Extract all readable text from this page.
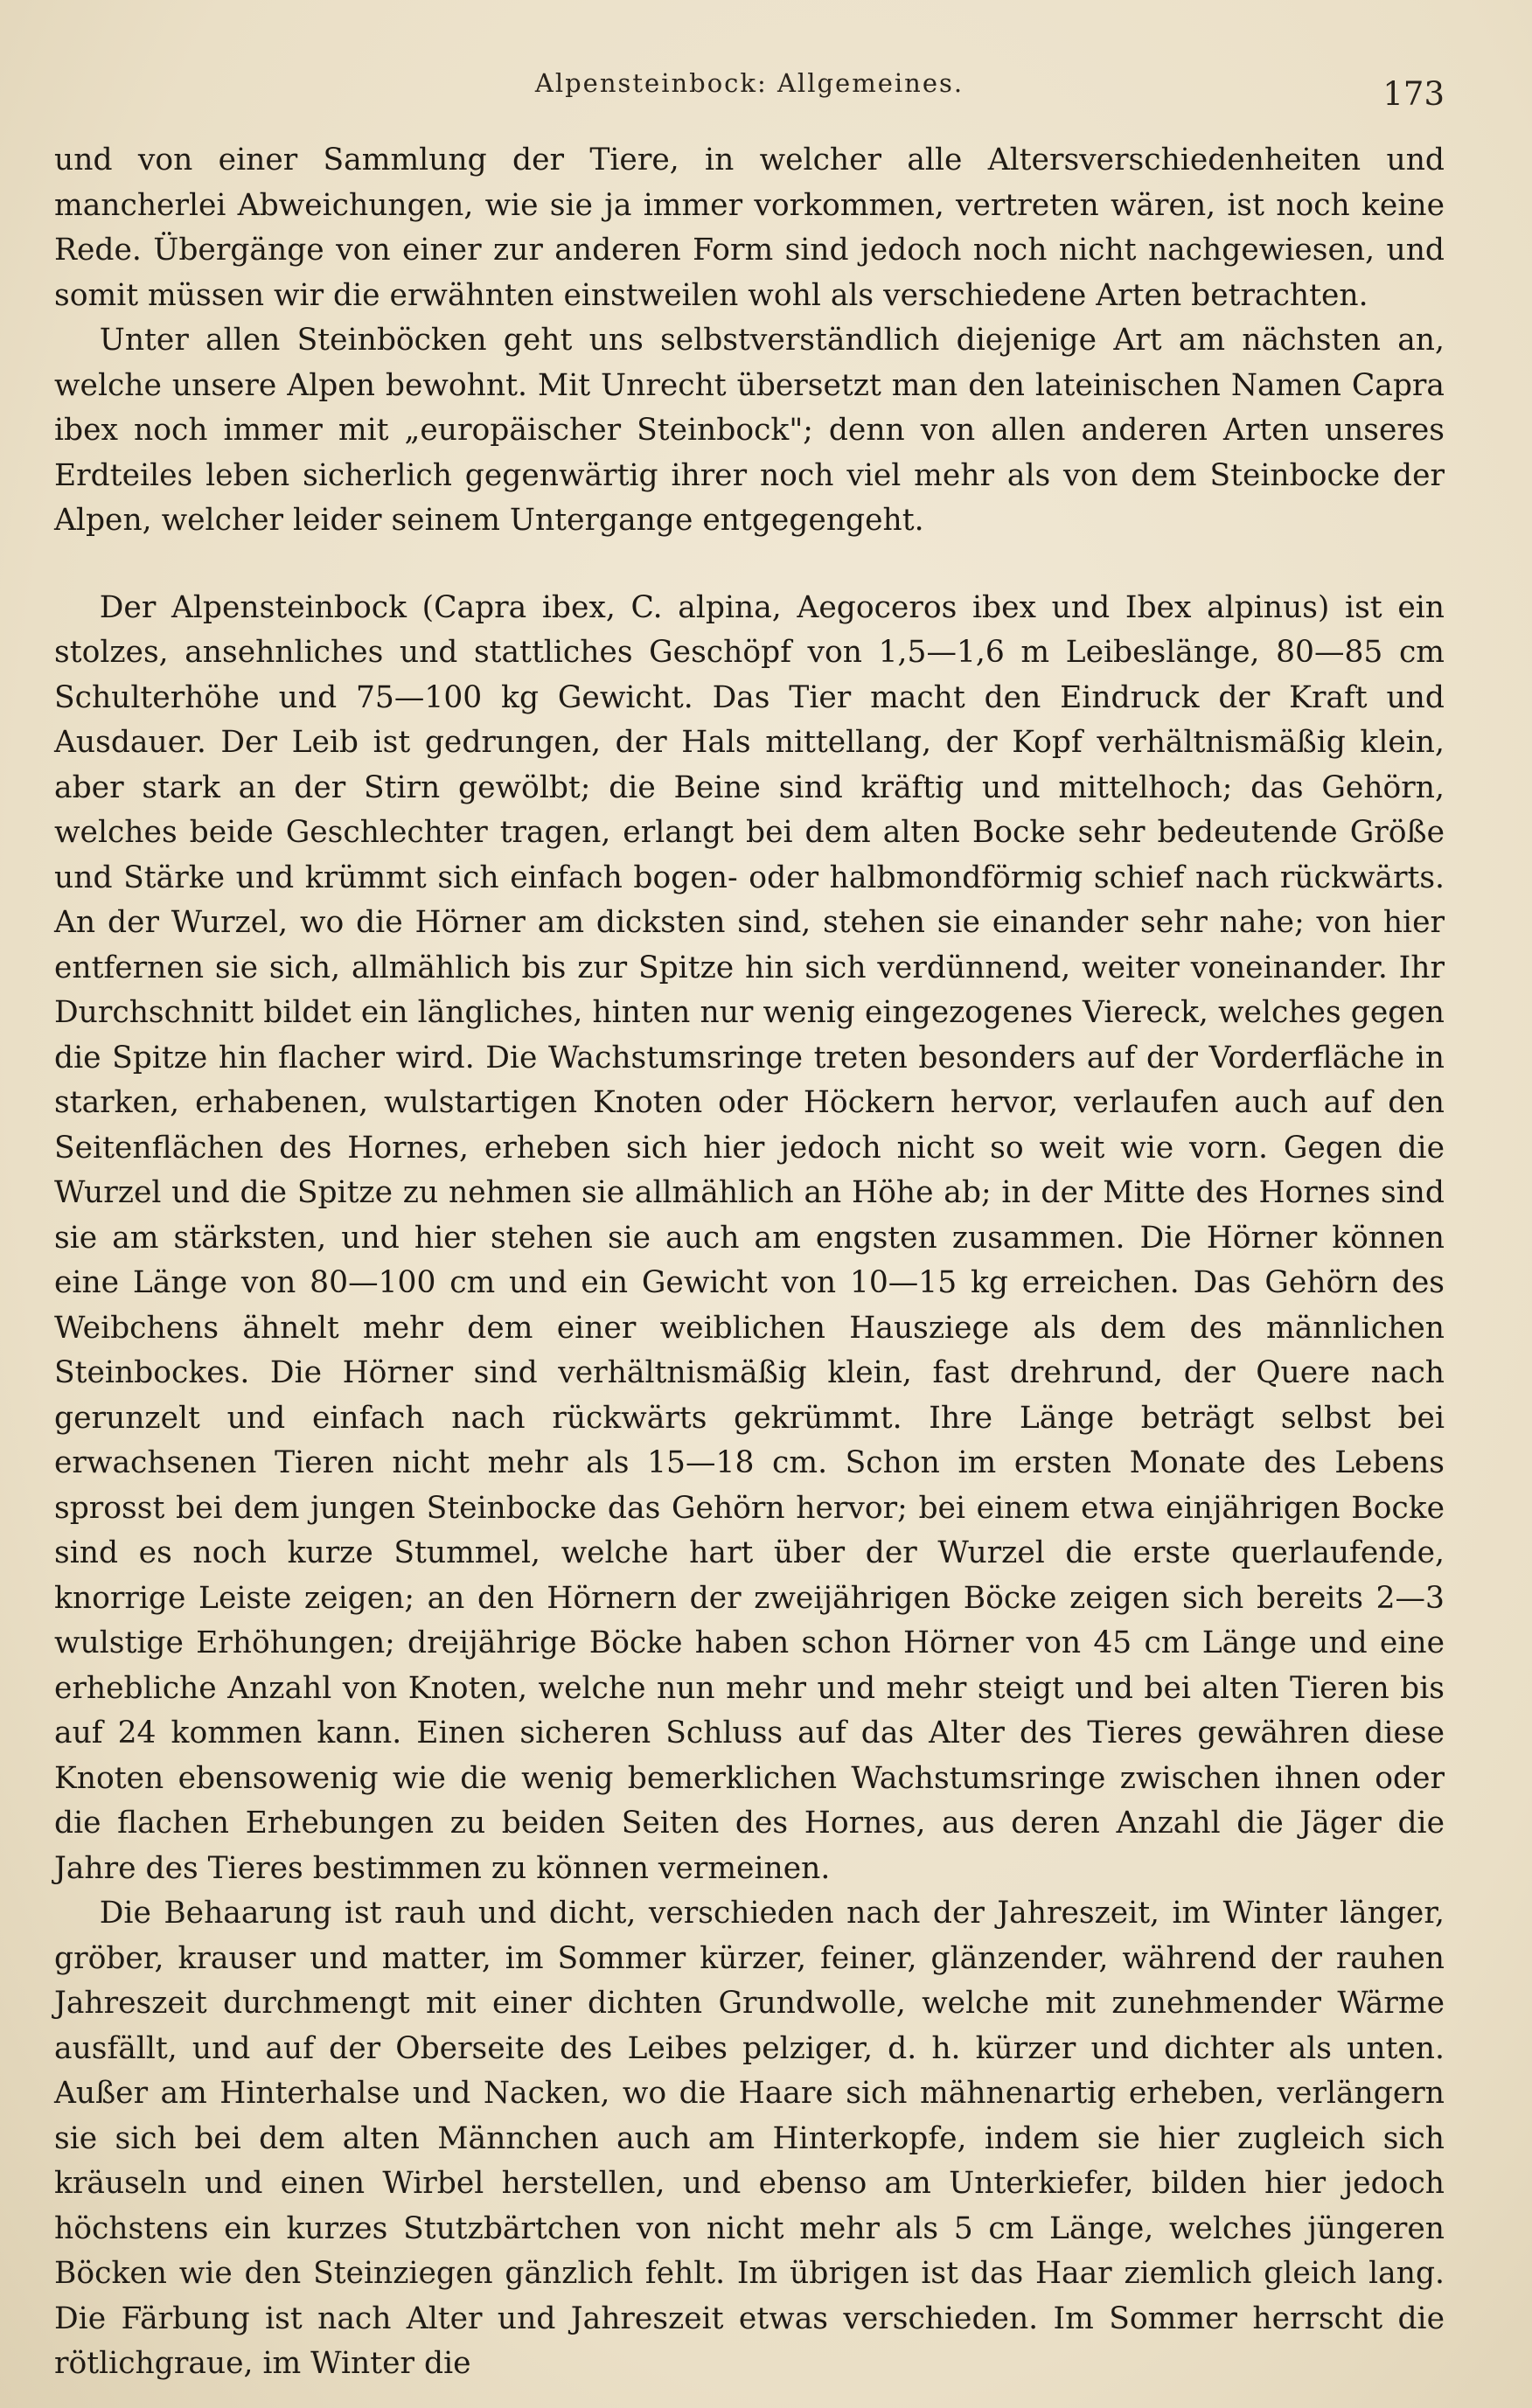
Alpensteinbock: Allgemeines.	173

und von einer Sammlung der Tiere, in welcher alle Altersverschiedenheiten und mancherlei Abweichungen, wie sie ja immer vorkommen, vertreten wären, ist noch keine Rede. Übergänge von einer zur anderen Form sind jedoch noch nicht nachgewiesen, und somit müssen wir die erwähnten einstweilen wohl als verschiedene Arten betrachten.

Unter allen Steinböcken geht uns selbstverständlich diejenige Art am nächsten an, welche unsere Alpen bewohnt. Mit Unrecht übersetzt man den lateinischen Namen Capra ibex noch immer mit „europäischer Steinbock"; denn von allen anderen Arten unseres Erdteiles leben sicherlich gegenwärtig ihrer noch viel mehr als von dem Steinbocke der Alpen, welcher leider seinem Untergange entgegengeht.

Der Alpensteinbock (Capra ibex, C. alpina, Aegoceros ibex und Ibex alpinus) ist ein stolzes, ansehnliches und stattliches Geschöpf von 1,5—1,6 m Leibeslänge, 80—85 cm Schulterhöhe und 75—100 kg Gewicht. Das Tier macht den Eindruck der Kraft und Ausdauer. Der Leib ist gedrungen, der Hals mittellang, der Kopf verhältnismäßig klein, aber stark an der Stirn gewölbt; die Beine sind kräftig und mittelhoch; das Gehörn, welches beide Geschlechter tragen, erlangt bei dem alten Bocke sehr bedeutende Größe und Stärke und krümmt sich einfach bogen- oder halbmondförmig schief nach rückwärts. An der Wurzel, wo die Hörner am dicksten sind, stehen sie einander sehr nahe; von hier entfernen sie sich, allmählich bis zur Spitze hin sich verdünnend, weiter voneinander. Ihr Durchschnitt bildet ein längliches, hinten nur wenig eingezogenes Viereck, welches gegen die Spitze hin flacher wird. Die Wachstumsringe treten besonders auf der Vorderfläche in starken, erhabenen, wulstartigen Knoten oder Höckern hervor, verlaufen auch auf den Seitenflächen des Hornes, erheben sich hier jedoch nicht so weit wie vorn. Gegen die Wurzel und die Spitze zu nehmen sie allmählich an Höhe ab; in der Mitte des Hornes sind sie am stärksten, und hier stehen sie auch am engsten zusammen. Die Hörner können eine Länge von 80—100 cm und ein Gewicht von 10—15 kg erreichen. Das Gehörn des Weibchens ähnelt mehr dem einer weiblichen Hausziege als dem des männlichen Steinbockes. Die Hörner sind verhältnismäßig klein, fast drehrund, der Quere nach gerunzelt und einfach nach rückwärts gekrümmt. Ihre Länge beträgt selbst bei erwachsenen Tieren nicht mehr als 15—18 cm. Schon im ersten Monate des Lebens sprosst bei dem jungen Steinbocke das Gehörn hervor; bei einem etwa einjährigen Bocke sind es noch kurze Stummel, welche hart über der Wurzel die erste querlaufende, knorrige Leiste zeigen; an den Hörnern der zweijährigen Böcke zeigen sich bereits 2—3 wulstige Erhöhungen; dreijährige Böcke haben schon Hörner von 45 cm Länge und eine erhebliche Anzahl von Knoten, welche nun mehr und mehr steigt und bei alten Tieren bis auf 24 kommen kann. Einen sicheren Schluss auf das Alter des Tieres gewähren diese Knoten ebensowenig wie die wenig bemerklichen Wachstumsringe zwischen ihnen oder die flachen Erhebungen zu beiden Seiten des Hornes, aus deren Anzahl die Jäger die Jahre des Tieres bestimmen zu können vermeinen.

Die Behaarung ist rauh und dicht, verschieden nach der Jahreszeit, im Winter länger, gröber, krauser und matter, im Sommer kürzer, feiner, glänzender, während der rauhen Jahreszeit durchmengt mit einer dichten Grundwolle, welche mit zunehmender Wärme ausfällt, und auf der Oberseite des Leibes pelziger, d. h. kürzer und dichter als unten. Außer am Hinterhalse und Nacken, wo die Haare sich mähnenartig erheben, verlängern sie sich bei dem alten Männchen auch am Hinterkopfe, indem sie hier zugleich sich kräuseln und einen Wirbel herstellen, und ebenso am Unterkiefer, bilden hier jedoch höchstens ein kurzes Stutzbärtchen von nicht mehr als 5 cm Länge, welches jüngeren Böcken wie den Steinziegen gänzlich fehlt. Im übrigen ist das Haar ziemlich gleich lang. Die Färbung ist nach Alter und Jahreszeit etwas verschieden. Im Sommer herrscht die rötlichgraue, im Winter die
